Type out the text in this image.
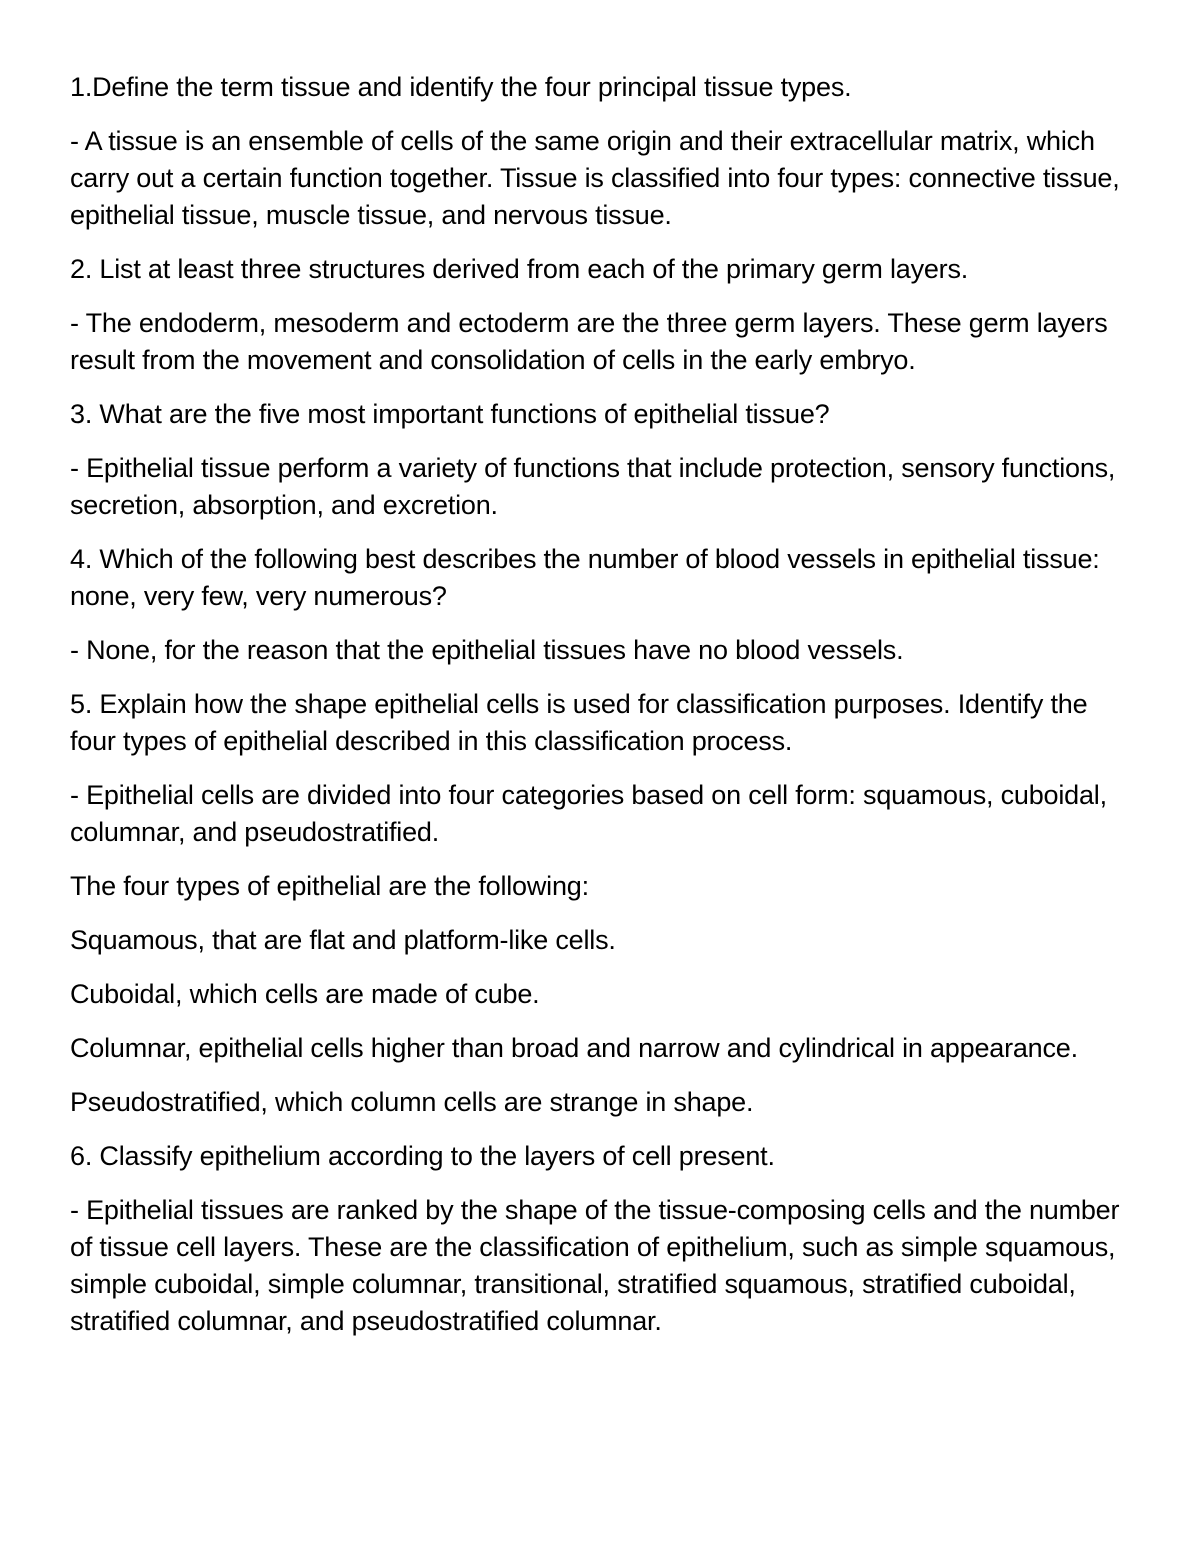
1.Define the term tissue and identify the four principal tissue types.

- A tissue is an ensemble of cells of the same origin and their extracellular matrix, which carry out a certain function together. Tissue is classified into four types: connective tissue, epithelial tissue, muscle tissue, and nervous tissue.

2. List at least three structures derived from each of the primary germ layers.

- The endoderm, mesoderm and ectoderm are the three germ layers. These germ layers result from the movement and consolidation of cells in the early embryo.

3. What are the five most important functions of epithelial tissue?

- Epithelial tissue perform a variety of functions that include protection, sensory functions, secretion, absorption, and excretion.

4. Which of the following best describes the number of blood vessels in epithelial tissue: none, very few, very numerous?

- None, for the reason that the epithelial tissues have no blood vessels.

5. Explain how the shape epithelial cells is used for classification purposes. Identify the four types of epithelial described in this classification process.

- Epithelial cells are divided into four categories based on cell form: squamous, cuboidal, columnar, and pseudostratified.

The four types of epithelial are the following:

Squamous, that are flat and platform-like cells.

Cuboidal, which cells are made of cube.

Columnar, epithelial cells higher than broad and narrow and cylindrical in appearance.

Pseudostratified, which column cells are strange in shape.

6. Classify epithelium according to the layers of cell present.

- Epithelial tissues are ranked by the shape of the tissue-composing cells and the number of tissue cell layers. These are the classification of epithelium, such as simple squamous, simple cuboidal, simple columnar, transitional, stratified squamous, stratified cuboidal, stratified columnar, and pseudostratified columnar.
